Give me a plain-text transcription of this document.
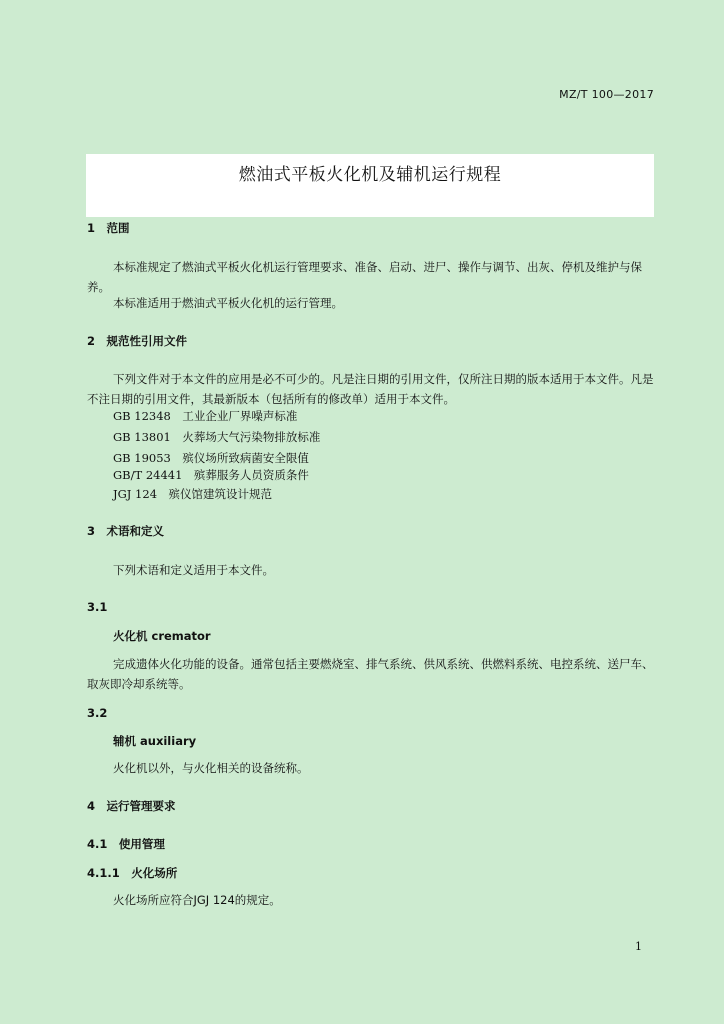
MZ/T 100—2017
燃油式平板火化机及辅机运行规程
1　范围
本标准规定了燃油式平板火化机运行管理要求、准备、启动、进尸、操作与调节、出灰、停机及维护与保养。
本标准适用于燃油式平板火化机的运行管理。
2　规范性引用文件
下列文件对于本文件的应用是必不可少的。凡是注日期的引用文件，仅所注日期的版本适用于本文件。凡是不注日期的引用文件，其最新版本（包括所有的修改单）适用于本文件。
GB 12348　工业企业厂界噪声标准
GB 13801　火葬场大气污染物排放标准
GB 19053　殡仪场所致病菌安全限值
GB/T 24441　殡葬服务人员资质条件
JGJ 124　殡仪馆建筑设计规范
3　术语和定义
下列术语和定义适用于本文件。
3.1
火化机 cremator
完成遗体火化功能的设备。通常包括主要燃烧室、排气系统、供风系统、供燃料系统、电控系统、送尸车、取灰即冷却系统等。
3.2
辅机 auxiliary
火化机以外，与火化相关的设备统称。
4　运行管理要求
4.1　使用管理
4.1.1　火化场所
火化场所应符合JGJ 124的规定。
1
